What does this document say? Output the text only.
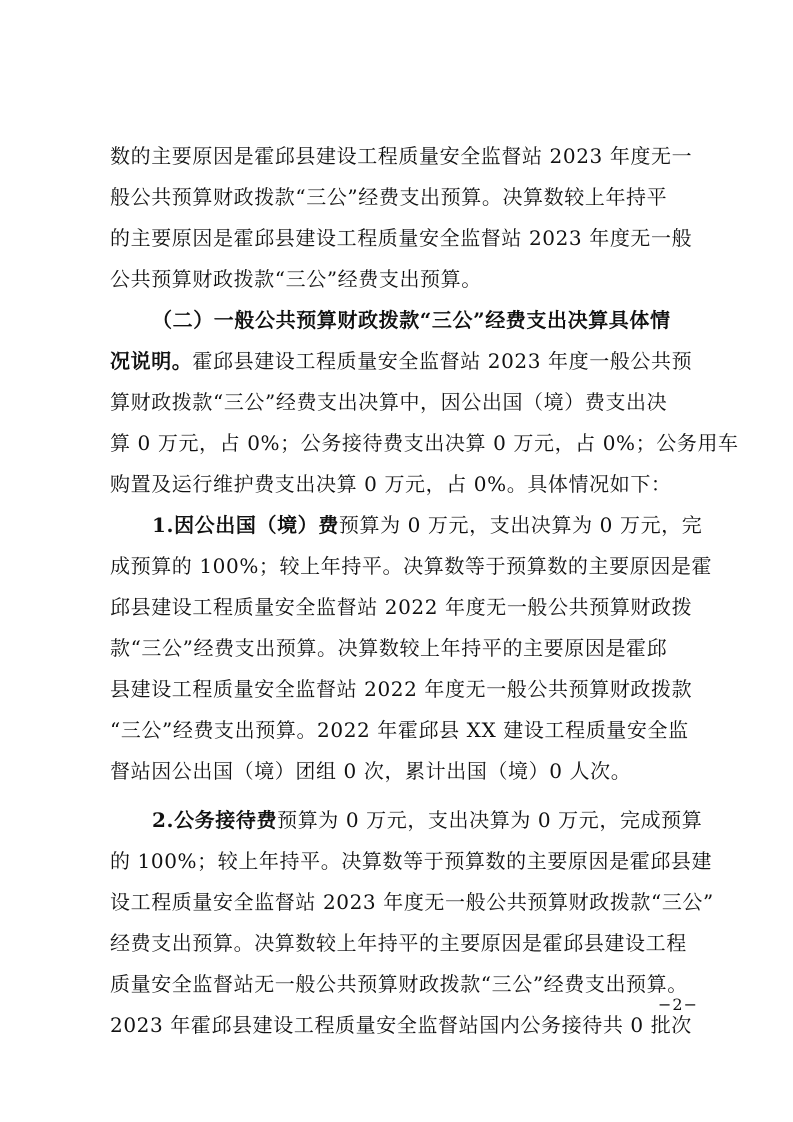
数的主要原因是霍邱县建设工程质量安全监督站 2023 年度无一
般公共预算财政拨款“三公”经费支出预算。决算数较上年持平
的主要原因是霍邱县建设工程质量安全监督站 2023 年度无一般
公共预算财政拨款“三公”经费支出预算。
（二）一般公共预算财政拨款“三公”经费支出决算具体情
况说明。霍邱县建设工程质量安全监督站 2023 年度一般公共预
算财政拨款“三公”经费支出决算中，因公出国（境）费支出决
算 0 万元，占 0%；公务接待费支出决算 0 万元，占 0%；公务用车
购置及运行维护费支出决算 0 万元，占 0%。具体情况如下：
1.因公出国（境）费预算为 0 万元，支出决算为 0 万元，完
成预算的 100%；较上年持平。决算数等于预算数的主要原因是霍
邱县建设工程质量安全监督站 2022 年度无一般公共预算财政拨
款“三公”经费支出预算。决算数较上年持平的主要原因是霍邱
县建设工程质量安全监督站 2022 年度无一般公共预算财政拨款
“三公”经费支出预算。2022 年霍邱县 XX 建设工程质量安全监
督站因公出国（境）团组 0 次，累计出国（境）0 人次。
2.公务接待费预算为 0 万元，支出决算为 0 万元，完成预算
的 100%；较上年持平。决算数等于预算数的主要原因是霍邱县建
设工程质量安全监督站 2023 年度无一般公共预算财政拨款“三公”
经费支出预算。决算数较上年持平的主要原因是霍邱县建设工程
质量安全监督站无一般公共预算财政拨款“三公”经费支出预算。
2023 年霍邱县建设工程质量安全监督站国内公务接待共 0 批次
−2−
